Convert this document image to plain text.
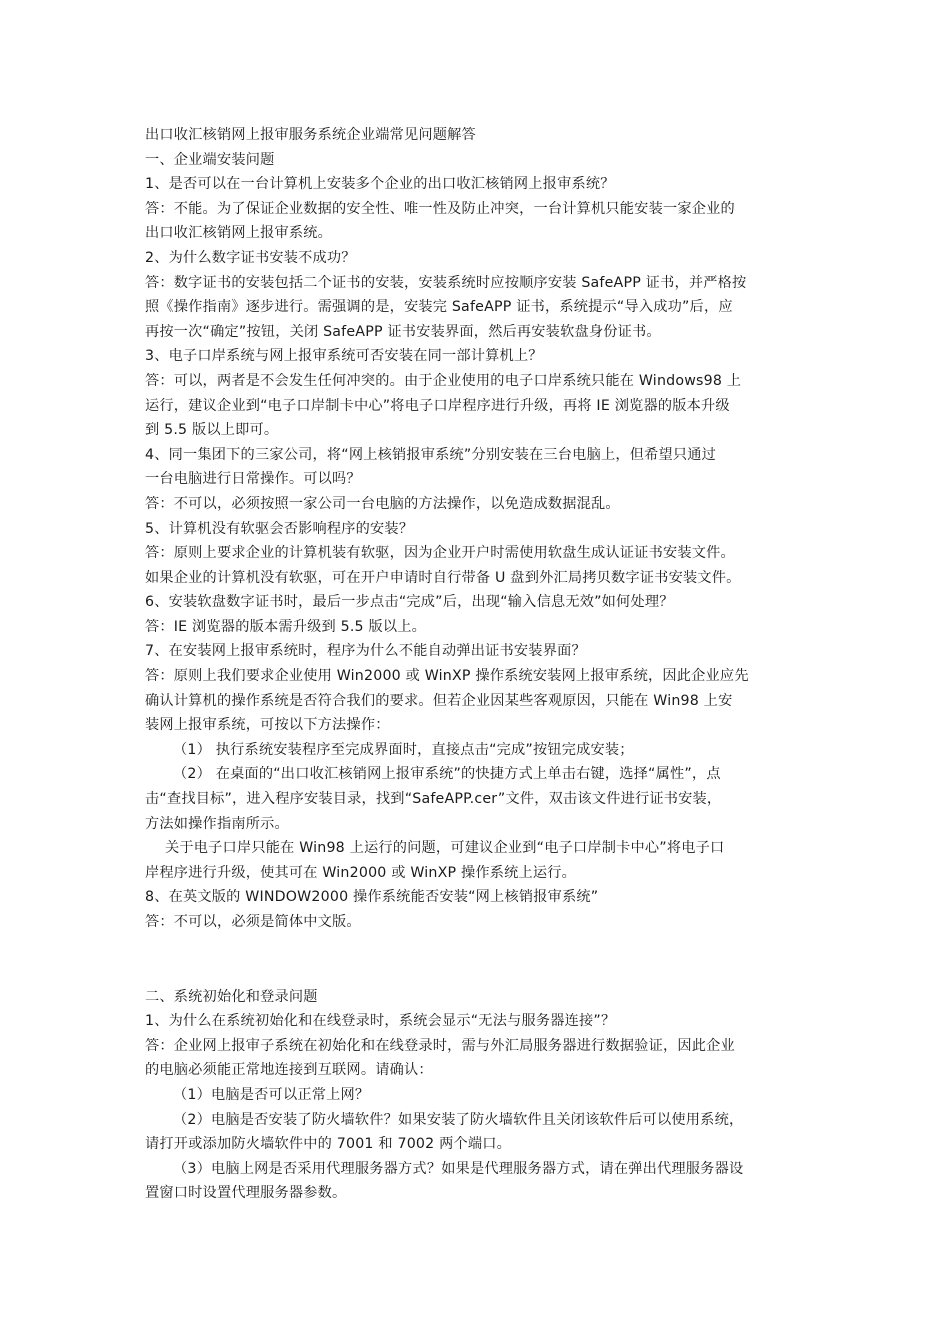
出口收汇核销网上报审服务系统企业端常见问题解答
一、企业端安装问题
1、是否可以在一台计算机上安装多个企业的出口收汇核销网上报审系统？
答：不能。为了保证企业数据的安全性、唯一性及防止冲突，一台计算机只能安装一家企业的
出口收汇核销网上报审系统。
2、为什么数字证书安装不成功？
答：数字证书的安装包括二个证书的安装，安装系统时应按顺序安装 SafeAPP 证书，并严格按
照《操作指南》逐步进行。需强调的是，安装完 SafeAPP 证书，系统提示“导入成功”后，应
再按一次“确定”按钮，关闭 SafeAPP 证书安装界面，然后再安装软盘身份证书。
3、电子口岸系统与网上报审系统可否安装在同一部计算机上？
答：可以，两者是不会发生任何冲突的。由于企业使用的电子口岸系统只能在 Windows98 上
运行，建议企业到“电子口岸制卡中心”将电子口岸程序进行升级，再将 IE 浏览器的版本升级
到 5.5 版以上即可。
4、同一集团下的三家公司，将“网上核销报审系统”分别安装在三台电脑上，但希望只通过
一台电脑进行日常操作。可以吗？
答：不可以，必须按照一家公司一台电脑的方法操作，以免造成数据混乱。
5、计算机没有软驱会否影响程序的安装？
答：原则上要求企业的计算机装有软驱，因为企业开户时需使用软盘生成认证证书安装文件。
如果企业的计算机没有软驱，可在开户申请时自行带备 U 盘到外汇局拷贝数字证书安装文件。
6、安装软盘数字证书时，最后一步点击“完成”后，出现“输入信息无效”如何处理？
答：IE 浏览器的版本需升级到 5.5 版以上。
7、在安装网上报审系统时，程序为什么不能自动弹出证书安装界面？
答：原则上我们要求企业使用 Win2000 或 WinXP 操作系统安装网上报审系统，因此企业应先
确认计算机的操作系统是否符合我们的要求。但若企业因某些客观原因，只能在 Win98 上安
装网上报审系统，可按以下方法操作：
（1） 执行系统安装程序至完成界面时，直接点击“完成”按钮完成安装；
（2） 在桌面的“出口收汇核销网上报审系统”的快捷方式上单击右键，选择“属性”，点
击“查找目标”，进入程序安装目录，找到“SafeAPP.cer”文件，双击该文件进行证书安装，
方法如操作指南所示。
关于电子口岸只能在 Win98 上运行的问题，可建议企业到“电子口岸制卡中心”将电子口
岸程序进行升级，使其可在 Win2000 或 WinXP 操作系统上运行。
8、在英文版的 WINDOW2000 操作系统能否安装“网上核销报审系统”
答：不可以，必须是简体中文版。
二、系统初始化和登录问题
1、为什么在系统初始化和在线登录时，系统会显示“无法与服务器连接”？
答：企业网上报审子系统在初始化和在线登录时，需与外汇局服务器进行数据验证，因此企业
的电脑必须能正常地连接到互联网。请确认：
（1）电脑是否可以正常上网？
（2）电脑是否安装了防火墙软件？如果安装了防火墙软件且关闭该软件后可以使用系统，
请打开或添加防火墙软件中的 7001 和 7002 两个端口。
（3）电脑上网是否采用代理服务器方式？如果是代理服务器方式，请在弹出代理服务器设
置窗口时设置代理服务器参数。
